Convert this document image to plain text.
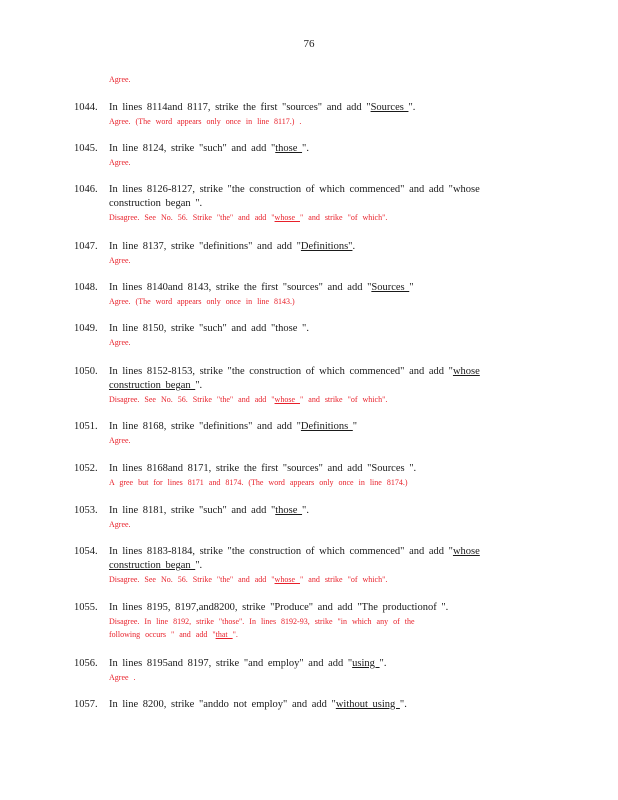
76
Agree.
1044. In lines 8114and 8117, strike the first "sources" and add "Sources ".
Agree. (The word appears only once in line 8117.) .
1045. In line 8124, strike "such" and add "those ".
Agree.
1046. In lines 8126-8127, strike "the construction of which commenced" and add "whose
construction began ".
Disagree. See No. 56. Strike "the" and add "whose " and strike "of which".
1047. In line 8137, strike "definitions" and add "Definitions".
Agree.
1048. In lines 8140and 8143, strike the first "sources" and add "Sources "
Agree. (The word appears only once in line 8143.)
1049. In line 8150, strike "such" and add "those ".
Agree.
1050. In lines 8152-8153, strike "the construction of which commenced" and add "whose
construction began ".
Disagree. See No. 56. Strike "the" and add "whose " and strike "of which".
1051. In line 8168, strike "definitions" and add "Definitions "
Agree.
1052. In lines 8168and 8171, strike the first "sources" and add "Sources ".
A gree but for lines 8171 and 8174. (The word appears only once in line 8174.)
1053. In line 8181, strike "such" and add "those ".
Agree.
1054. In lines 8183-8184, strike "the construction of which commenced" and add "whose
construction began ".
Disagree. See No. 56. Strike "the" and add "whose " and strike "of which".
1055. In lines 8195, 8197,and8200, strike "Produce" and add "The productionof ".
Disagree. In line 8192, strike "those". In lines 8192-93, strike "in which any of the
following occurs " and add "that ".
1056. In lines 8195and 8197, strike "and employ" and add "using ".
Agree .
1057. In line 8200, strike "anddo not employ" and add "without using ".
